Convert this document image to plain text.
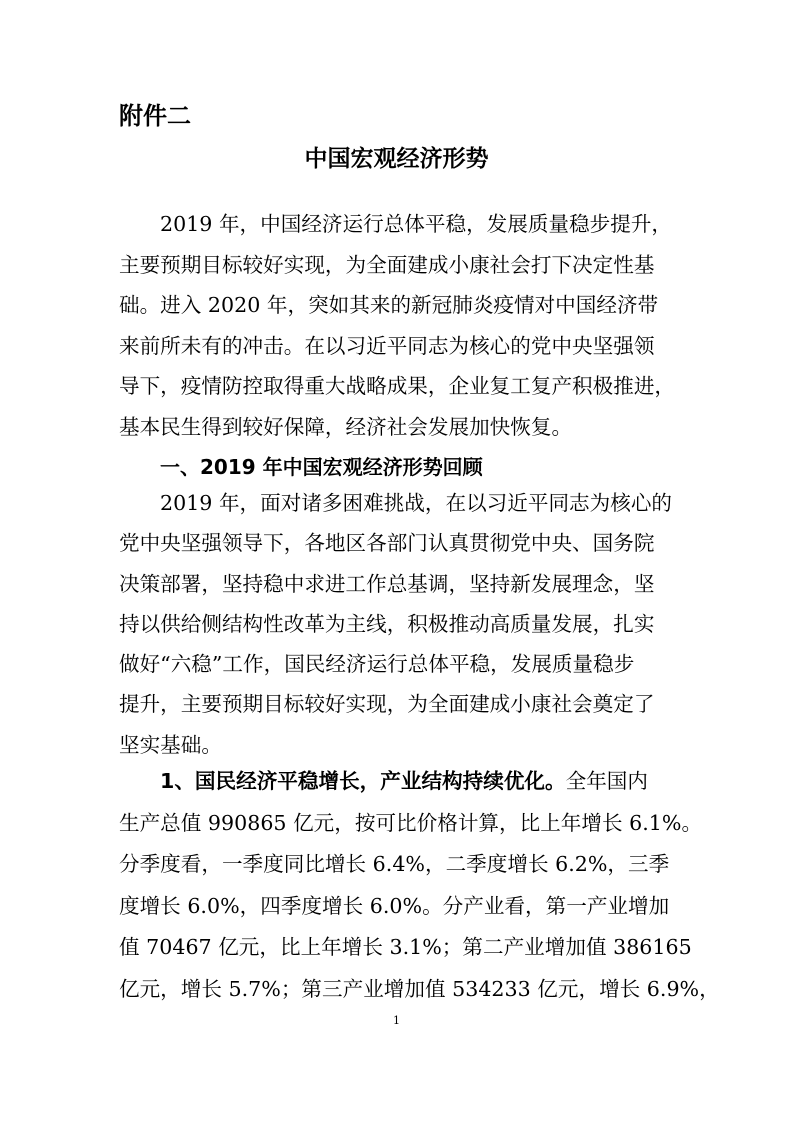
附件二
中国宏观经济形势
2019 年，中国经济运行总体平稳，发展质量稳步提升，
主要预期目标较好实现，为全面建成小康社会打下决定性基
础。进入 2020 年，突如其来的新冠肺炎疫情对中国经济带
来前所未有的冲击。在以习近平同志为核心的党中央坚强领
导下，疫情防控取得重大战略成果，企业复工复产积极推进，
基本民生得到较好保障，经济社会发展加快恢复。
一、2019 年中国宏观经济形势回顾
2019 年，面对诸多困难挑战，在以习近平同志为核心的
党中央坚强领导下，各地区各部门认真贯彻党中央、国务院
决策部署，坚持稳中求进工作总基调，坚持新发展理念，坚
持以供给侧结构性改革为主线，积极推动高质量发展，扎实
做好“六稳”工作，国民经济运行总体平稳，发展质量稳步
提升，主要预期目标较好实现，为全面建成小康社会奠定了
坚实基础。
1、国民经济平稳增长，产业结构持续优化。全年国内
生产总值 990865 亿元，按可比价格计算，比上年增长 6.1%。
分季度看，一季度同比增长 6.4%，二季度增长 6.2%，三季
度增长 6.0%，四季度增长 6.0%。分产业看，第一产业增加
值 70467 亿元，比上年增长 3.1%；第二产业增加值 386165
亿元，增长 5.7%；第三产业增加值 534233 亿元，增长 6.9%，
1
